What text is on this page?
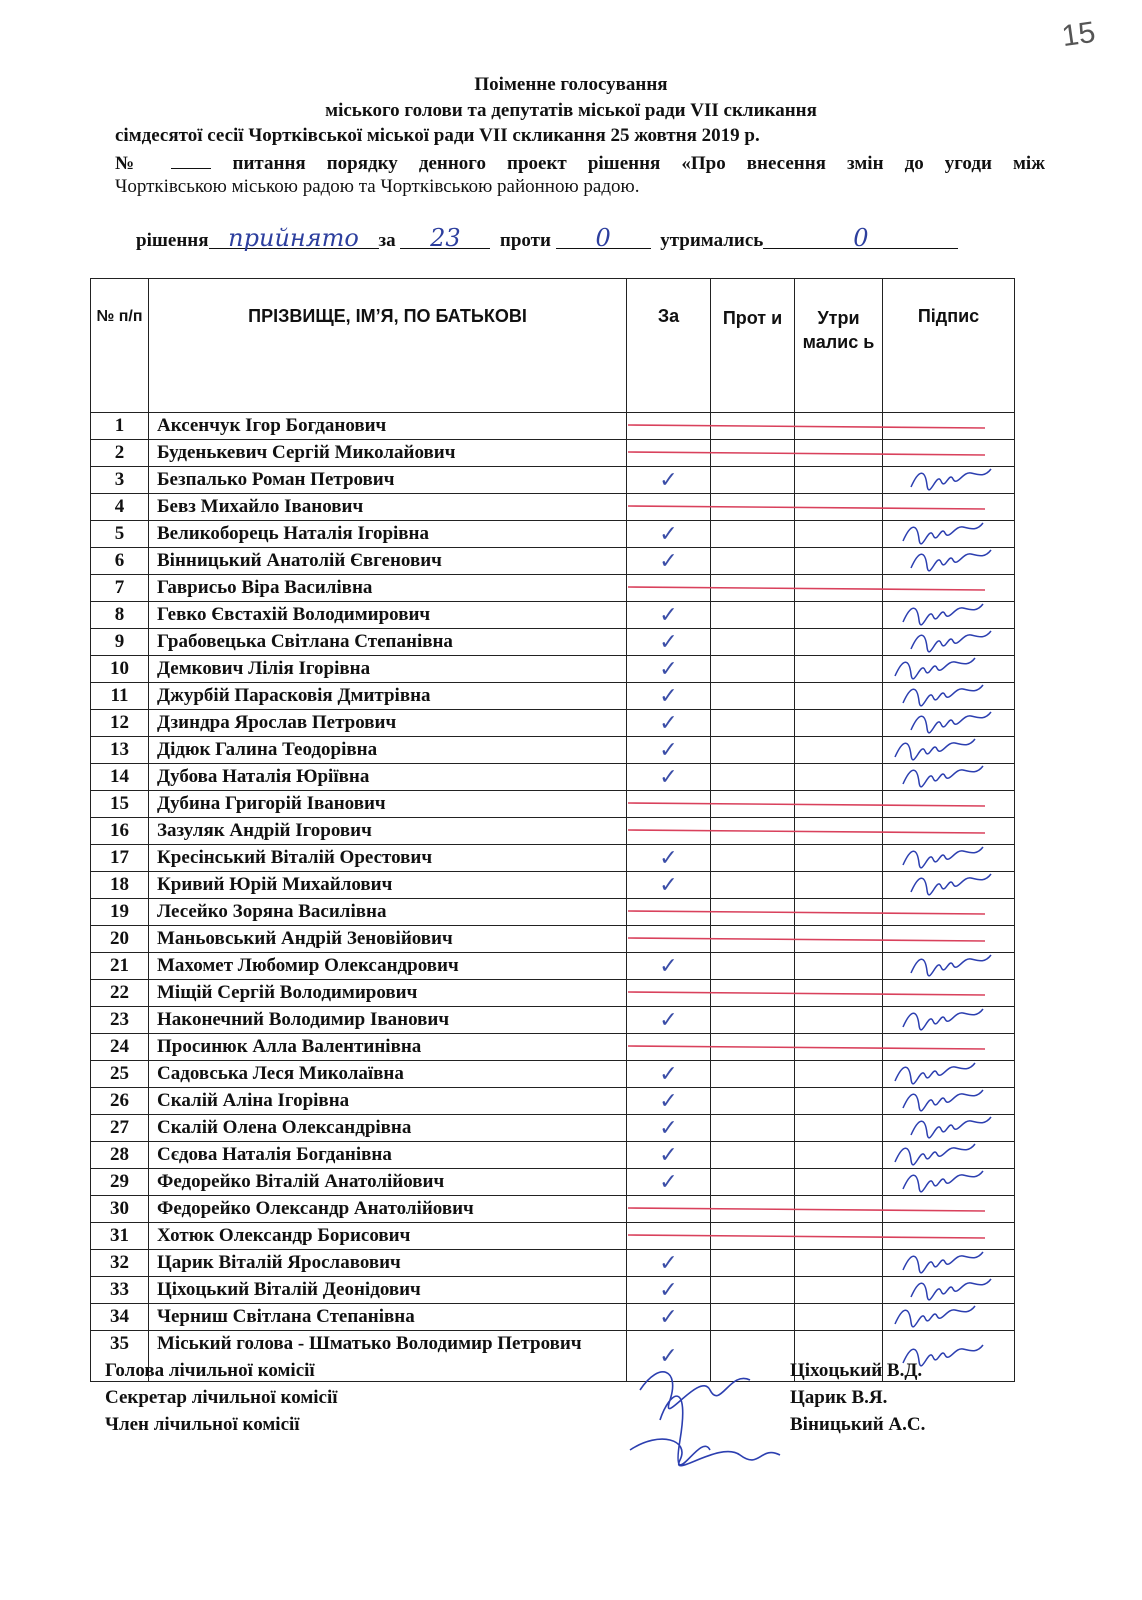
15
Поіменне голосування
міського голови та депутатів міської ради VII скликання
сімдесятої сесії Чортківської міської ради VII скликання 25 жовтня 2019 р.
№	питання порядку денного проект рішення «Про внесення змін до угоди між
Чортківською міською радою та Чортківською районною радою.
рішення прийнято за 23 проти 0	утримались	0
№ п/п	ПРІЗВИЩЕ, ІМ’Я, ПО БАТЬКОВІ	За	Прот и	Утри малис ь	Підпис
1	Аксенчук Ігор Богданович				
2	Буденькевич Сергій Миколайович				
3	Безпалько Роман Петрович	✓			
4	Бевз Михайло Іванович				
5	Великоборець Наталія Ігорівна	✓			
6	Вінницький Анатолій Євгенович	✓			
7	Гаврисьо Віра Василівна				
8	Гевко Євстахій Володимирович	✓			
9	Грабовецька Світлана Степанівна	✓			
10	Демкович Лілія Ігорівна	✓			
11	Джурбій Парасковія Дмитрівна	✓			
12	Дзиндра Ярослав Петрович	✓			
13	Дідюк Галина Теодорівна	✓			
14	Дубова Наталія Юріївна	✓			
15	Дубина Григорій Іванович				
16	Зазуляк Андрій Ігорович				
17	Кресінський Віталій Орестович	✓			
18	Кривий Юрій Михайлович	✓			
19	Лесейко Зоряна Василівна				
20	Маньовський Андрій Зеновійович				
21	Махомет Любомир Олександрович	✓			
22	Міщій Сергій Володимирович				
23	Наконечний Володимир Іванович	✓			
24	Просинюк Алла Валентинівна				
25	Садовська Леся Миколаївна	✓			
26	Скалій Аліна Ігорівна	✓			
27	Скалій Олена Олександрівна	✓			
28	Сєдова Наталія Богданівна	✓			
29	Федорейко Віталій Анатолійович	✓			
30	Федорейко Олександр Анатолійович				
31	Хотюк Олександр Борисович				
32	Царик Віталій Ярославович	✓			
33	Ціхоцький Віталій Деонідович	✓			
34	Черниш Світлана Степанівна	✓			
35	Міський голова - Шматько Володимир Петрович	✓			
Голова лічильної комісії
Секретар лічильної комісії
Член лічильної комісії
Ціхоцький В.Д.
Царик В.Я.
Віницький А.С.
